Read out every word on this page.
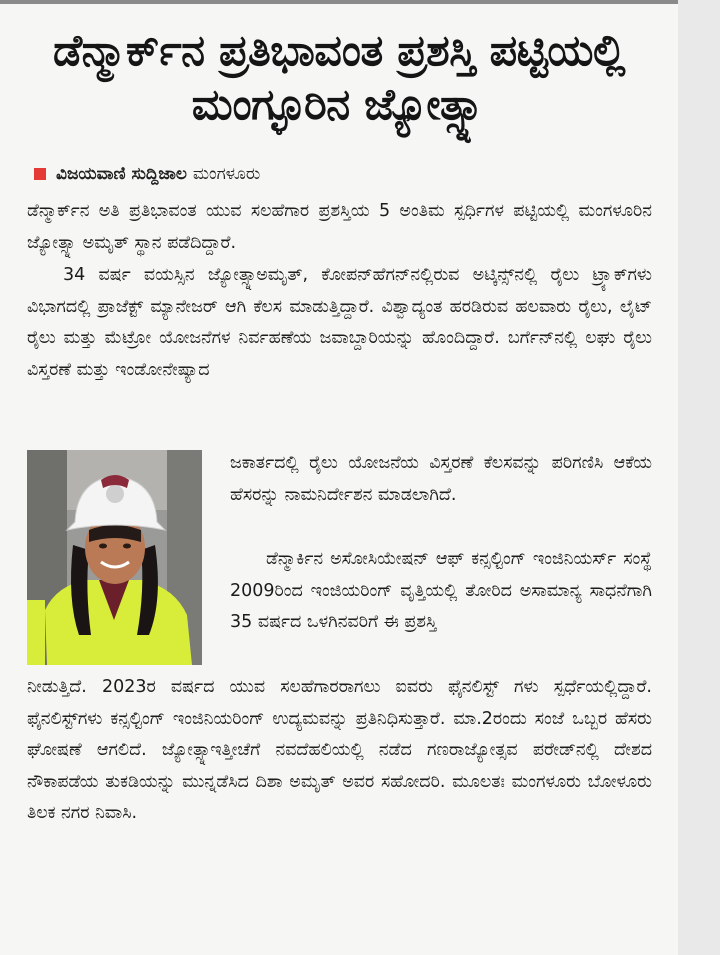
ಡೆನ್ಮಾರ್ಕ್‌ನ ಪ್ರತಿಭಾವಂತ ಪ್ರಶಸ್ತಿ ಪಟ್ಟಿಯಲ್ಲಿ ಮಂಗ್ಳೂರಿನ ಜ್ಯೋತ್ಸ್ನಾ
ವಿಜಯವಾಣಿ ಸುದ್ದಿಜಾಲ ಮಂಗಳೂರು

ಡೆನ್ಮಾರ್ಕ್‌ನ ಅತಿ ಪ್ರತಿಭಾವಂತ ಯುವ ಸಲಹೆಗಾರ ಪ್ರಶಸ್ತಿಯ 5 ಅಂತಿಮ ಸ್ಪರ್ಧಿಗಳ ಪಟ್ಟಿಯಲ್ಲಿ ಮಂಗಳೂರಿನ ಜ್ಯೋತ್ಸ್ನಾ ಅಮೃತ್ ಸ್ಥಾನ ಪಡೆದಿದ್ದಾರೆ.

34 ವರ್ಷ ವಯಸ್ಸಿನ ಜ್ಯೋತ್ಸ್ನಾಅಮೃತ್, ಕೋಪನ್‌ಹೆಗನ್‌ನಲ್ಲಿರುವ ಅಟ್ಕಿನ್ಸ್‌ನಲ್ಲಿ ರೈಲು ಟ್ರ್ಯಾಕ್‌ಗಳು ವಿಭಾಗದಲ್ಲಿ ಪ್ರಾಜೆಕ್ಟ್ ಮ್ಯಾನೇಜರ್ ಆಗಿ ಕೆಲಸ ಮಾಡುತ್ತಿದ್ದಾರೆ. ವಿಶ್ವಾದ್ಯಂತ ಹರಡಿರುವ ಹಲವಾರು ರೈಲು, ಲೈಟ್ ರೈಲು ಮತ್ತು ಮೆಟ್ರೋ ಯೋಜನೆಗಳ ನಿರ್ವಹಣೆಯ ಜವಾಬ್ದಾರಿಯನ್ನು ಹೊಂದಿದ್ದಾರೆ. ಬರ್ಗೆನ್‌ನಲ್ಲಿ ಲಘು ರೈಲು ವಿಸ್ತರಣೆ ಮತ್ತು ಇಂಡೋನೇಷ್ಯಾದ

ಜಕಾರ್ತದಲ್ಲಿ ರೈಲು ಯೋಜನೆಯ ವಿಸ್ತರಣೆ ಕೆಲಸವನ್ನು ಪರಿಗಣಿಸಿ ಆಕೆಯ ಹೆಸರನ್ನು ನಾಮನಿರ್ದೇಶನ ಮಾಡಲಾಗಿದೆ.

ಡೆನ್ಮಾರ್ಕಿನ ಅಸೋಸಿಯೇಷನ್ ಆಫ್ ಕನ್ಸಲ್ಟಿಂಗ್ ಇಂಜಿನಿಯರ್ಸ್ ಸಂಸ್ಥೆ 2009ರಿಂದ ಇಂಜಿಯರಿಂಗ್ ವೃತ್ತಿಯಲ್ಲಿ ತೋರಿದ ಅಸಾಮಾನ್ಯ ಸಾಧನೆಗಾಗಿ 35 ವರ್ಷದ ಒಳಗಿನವರಿಗೆ ಈ ಪ್ರಶಸ್ತಿ

ನೀಡುತ್ತಿದೆ. 2023ರ ವರ್ಷದ ಯುವ ಸಲಹೆಗಾರರಾಗಲು ಐವರು ಫೈನಲಿಸ್ಟ್ ಗಳು ಸ್ಪರ್ಧೆಯಲ್ಲಿದ್ದಾರೆ. ಫೈನಲಿಸ್ಟ್‌ಗಳು ಕನ್ಸಲ್ಟಿಂಗ್ ಇಂಜಿನಿಯರಿಂಗ್ ಉದ್ಯಮವನ್ನು ಪ್ರತಿನಿಧಿಸುತ್ತಾರೆ. ಮಾ.2ರಂದು ಸಂಜೆ ಒಬ್ಬರ ಹೆಸರು ಘೋಷಣೆ ಆಗಲಿದೆ. ಜ್ಯೋತ್ಸ್ನಾಇತ್ತೀಚೆಗೆ ನವದೆಹಲಿಯಲ್ಲಿ ನಡೆದ ಗಣರಾಜ್ಯೋತ್ಸವ ಪರೇಡ್‌ನಲ್ಲಿ ದೇಶದ ನೌಕಾಪಡೆಯ ತುಕಡಿಯನ್ನು ಮುನ್ನಡೆಸಿದ ದಿಶಾ ಅಮೃತ್ ಅವರ ಸಹೋದರಿ. ಮೂಲತಃ ಮಂಗಳೂರು ಬೋಳೂರು ತಿಲಕ ನಗರ ನಿವಾಸಿ.
